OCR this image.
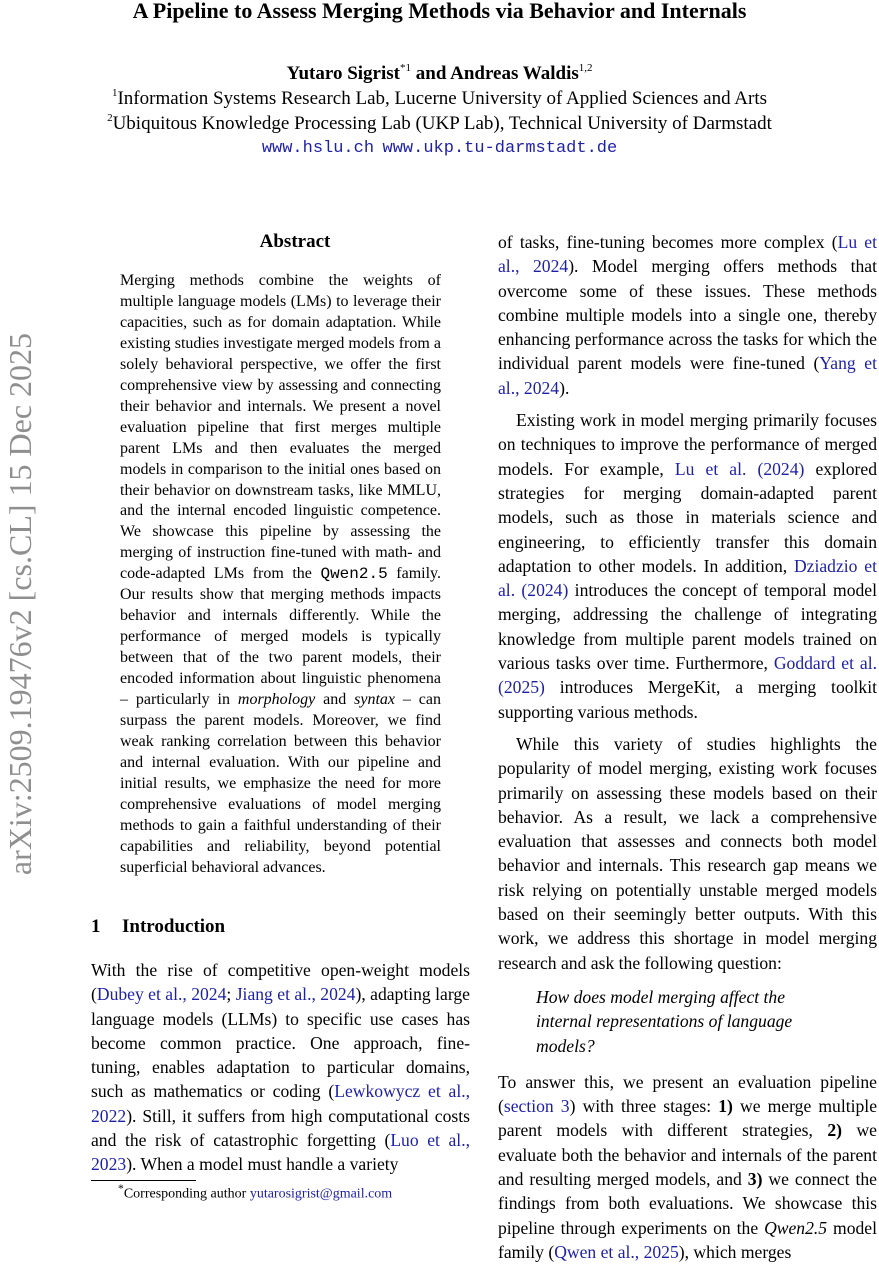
A Pipeline to Assess Merging Methods via Behavior and Internals
Yutaro Sigrist$^{*1}$ and Andreas Waldis$^{1,2}$
$^1$Information Systems Research Lab, Lucerne University of Applied Sciences and Arts
$^2$Ubiquitous Knowledge Processing Lab (UKP Lab), Technical University of Darmstadt
www.hslu.ch www.ukp.tu-darmstadt.de
arXiv:2509.19476v2 [cs.CL] 15 Dec 2025
Abstract
Merging methods combine the weights of multiple language models (LMs) to leverage their capacities, such as for domain adaptation. While existing studies investigate merged models from a solely behavioral perspective, we offer the first comprehensive view by assessing and connecting their behavior and internals. We present a novel evaluation pipeline that first merges multiple parent LMs and then evaluates the merged models in comparison to the initial ones based on their behavior on downstream tasks, like MMLU, and the internal encoded linguistic competence. We showcase this pipeline by assessing the merging of instruction fine-tuned with math- and code-adapted LMs from the Qwen2.5 family. Our results show that merging methods impacts behavior and internals differently. While the performance of merged models is typically between that of the two parent models, their encoded information about linguistic phenomena – particularly in morphology and syntax – can surpass the parent models. Moreover, we find weak ranking correlation between this behavior and internal evaluation. With our pipeline and initial results, we emphasize the need for more comprehensive evaluations of model merging methods to gain a faithful understanding of their capabilities and reliability, beyond potential superficial behavioral advances.
1 Introduction
With the rise of competitive open-weight models (Dubey et al., 2024; Jiang et al., 2024), adapting large language models (LLMs) to specific use cases has become common practice. One approach, fine-tuning, enables adaptation to particular domains, such as mathematics or coding (Lewkowycz et al., 2022). Still, it suffers from high computational costs and the risk of catastrophic forgetting (Luo et al., 2023). When a model must handle a variety

of tasks, fine-tuning becomes more complex (Lu et al., 2024). Model merging offers methods that overcome some of these issues. These methods combine multiple models into a single one, thereby enhancing performance across the tasks for which the individual parent models were fine-tuned (Yang et al., 2024).

Existing work in model merging primarily focuses on techniques to improve the performance of merged models. For example, Lu et al. (2024) explored strategies for merging domain-adapted parent models, such as those in materials science and engineering, to efficiently transfer this domain adaptation to other models. In addition, Dziadzio et al. (2024) introduces the concept of temporal model merging, addressing the challenge of integrating knowledge from multiple parent models trained on various tasks over time. Furthermore, Goddard et al. (2025) introduces MergeKit, a merging toolkit supporting various methods.

While this variety of studies highlights the popularity of model merging, existing work focuses primarily on assessing these models based on their behavior. As a result, we lack a comprehensive evaluation that assesses and connects both model behavior and internals. This research gap means we risk relying on potentially unstable merged models based on their seemingly better outputs. With this work, we address this shortage in model merging research and ask the following question:

How does model merging affect the internal representations of language models?

To answer this, we present an evaluation pipeline (section 3) with three stages: 1) we merge multiple parent models with different strategies, 2) we evaluate both the behavior and internals of the parent and resulting merged models, and 3) we connect the findings from both evaluations. We showcase this pipeline through experiments on the Qwen2.5 model family (Qwen et al., 2025), which merges

*Corresponding author yutarosigrist@gmail.com
